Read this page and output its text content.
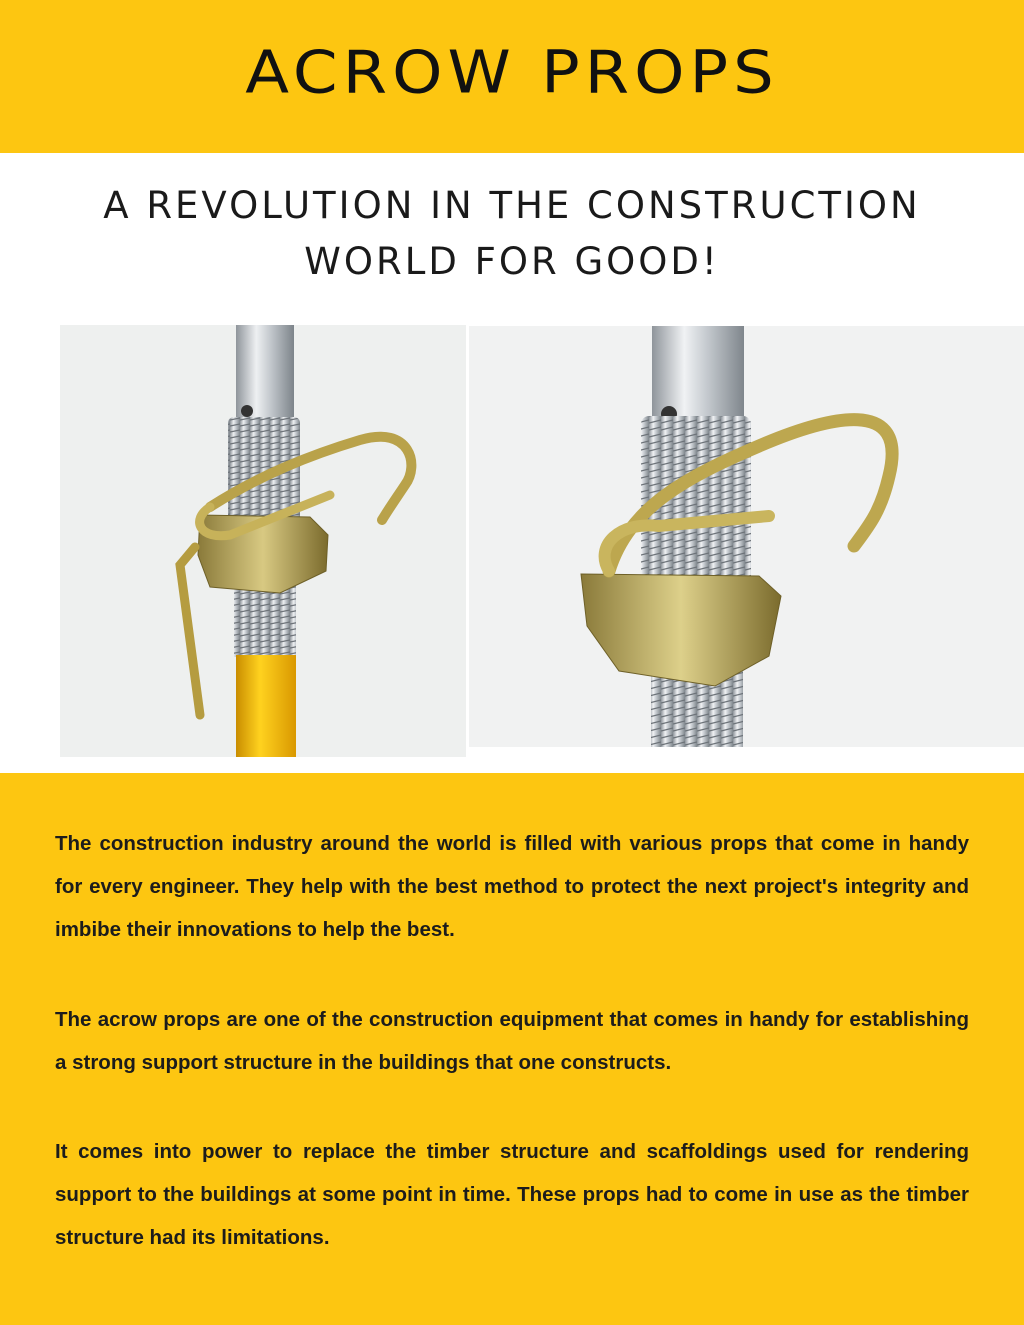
ACROW PROPS
A REVOLUTION IN THE CONSTRUCTION
WORLD FOR GOOD!

The construction industry around the world is filled with various props that come in handy for every engineer. They help with the best method to protect the next project's integrity and imbibe their innovations to help the best.

The acrow props are one of the construction equipment that comes in handy for establishing a strong support structure in the buildings that one constructs.

It comes into power to replace the timber structure and scaffoldings used for rendering support to the buildings at some point in time. These props had to come in use as the timber structure had its limitations.
